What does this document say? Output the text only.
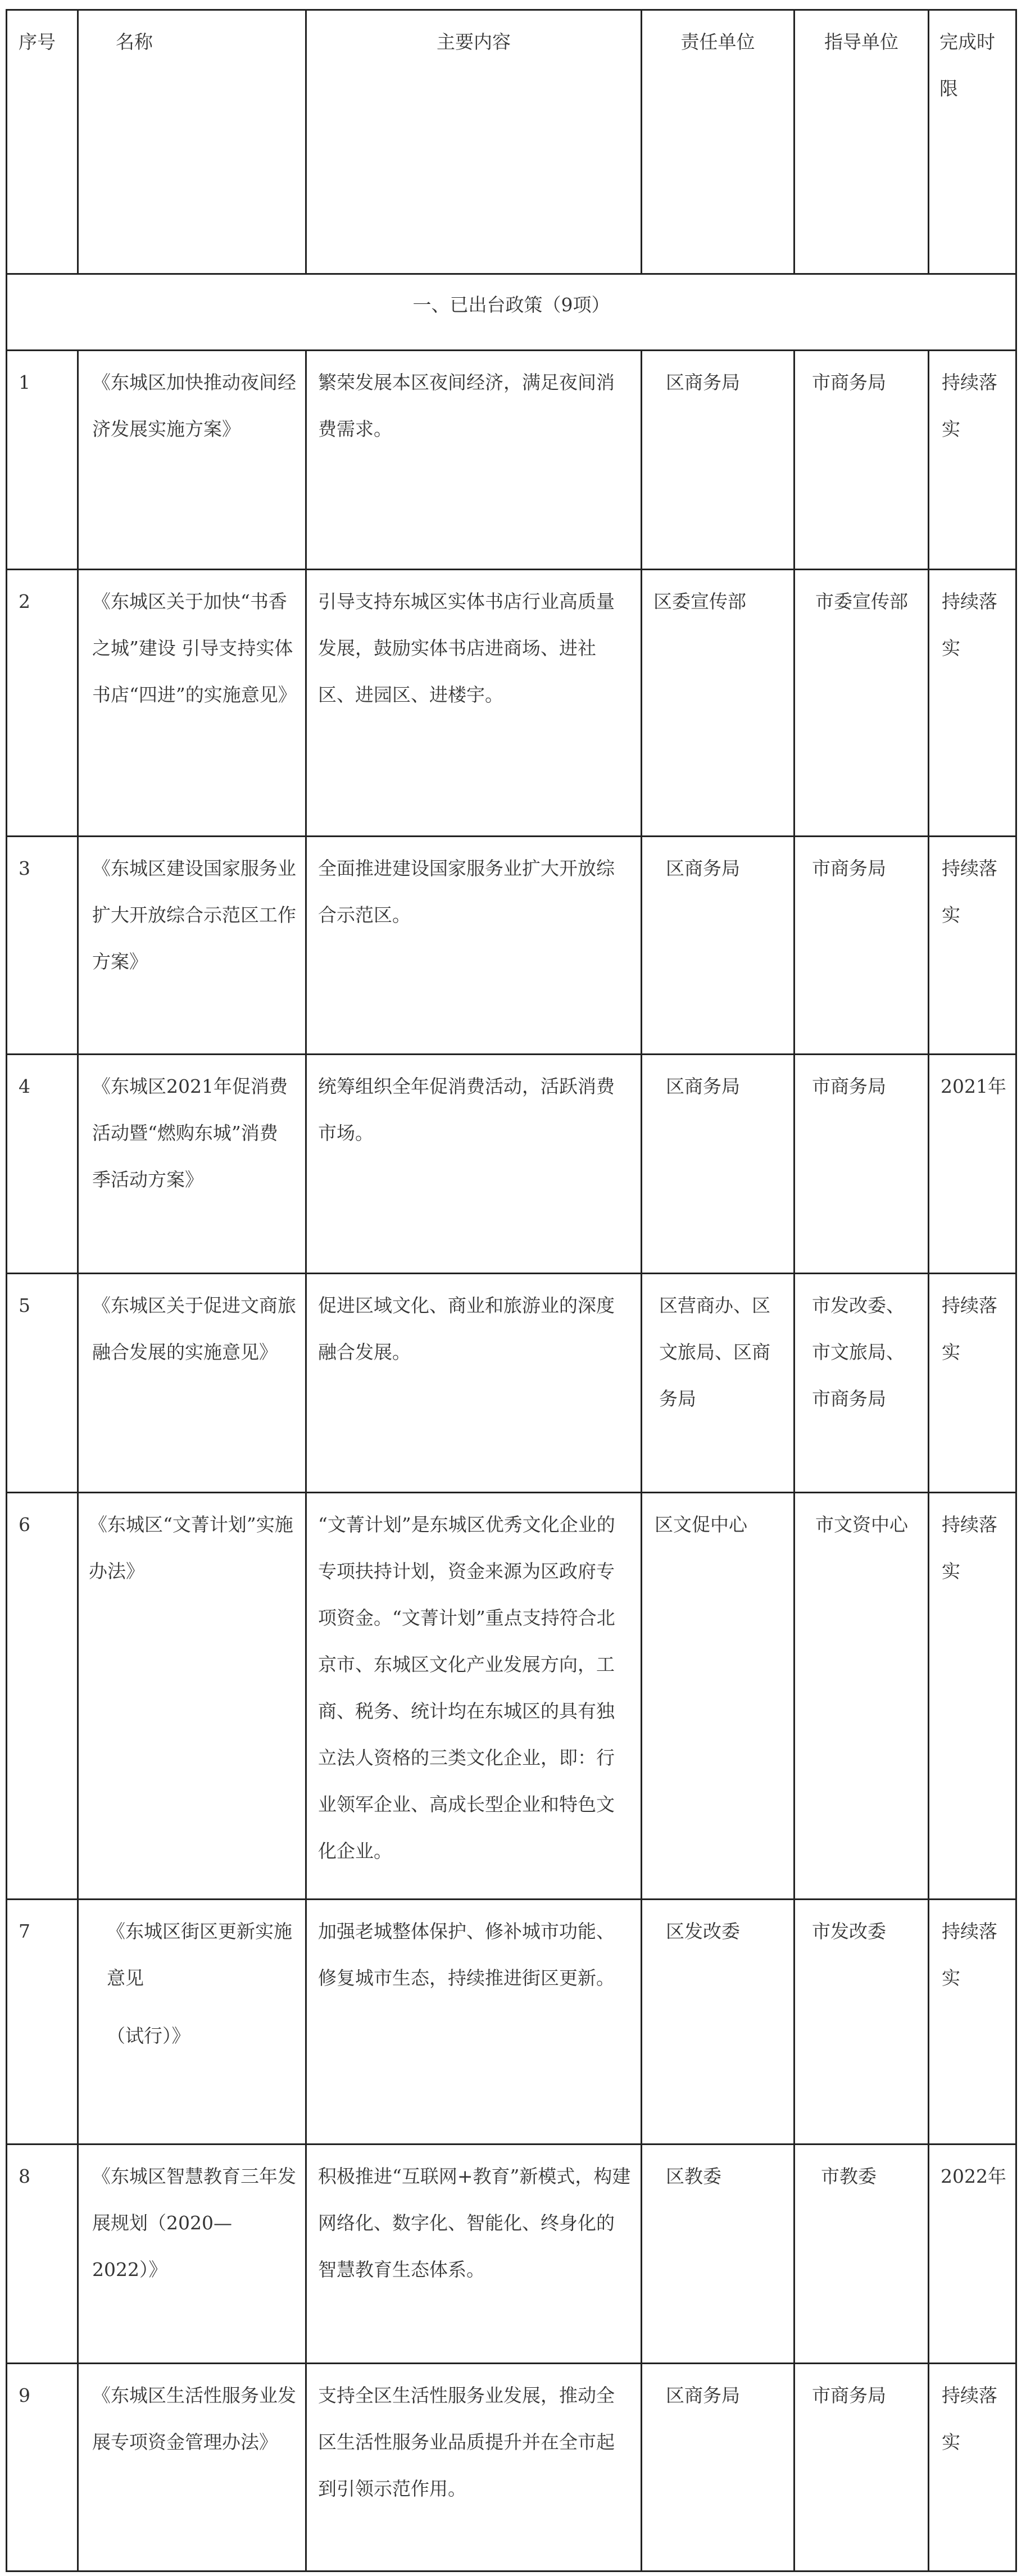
序号	名称	主要内容	责任单位	指导单位	完成时限
一、已出台政策（9项）					
1	《东城区加快推动夜间经济发展实施方案》	繁荣发展本区夜间经济，满足夜间消费需求。	区商务局	市商务局	持续落实
2	《东城区关于加快“书香之城”建设 引导支持实体书店“四进”的实施意见》	引导支持东城区实体书店行业高质量发展，鼓励实体书店进商场、进社区、进园区、进楼宇。	区委宣传部	市委宣传部	持续落实
3	《东城区建设国家服务业扩大开放综合示范区工作方案》	全面推进建设国家服务业扩大开放综合示范区。	区商务局	市商务局	持续落实
4	《东城区2021年促消费活动暨“燃购东城”消费季活动方案》	统筹组织全年促消费活动，活跃消费市场。	区商务局	市商务局	2021年
5	《东城区关于促进文商旅融合发展的实施意见》	促进区域文化、商业和旅游业的深度融合发展。	区营商办、区文旅局、区商务局	市发改委、市文旅局、市商务局	持续落实
6	《东城区“文菁计划”实施办法》	“文菁计划”是东城区优秀文化企业的专项扶持计划，资金来源为区政府专项资金。“文菁计划”重点支持符合北京市、东城区文化产业发展方向，工商、税务、统计均在东城区的具有独立法人资格的三类文化企业，即：行业领军企业、高成长型企业和特色文化企业。	区文促中心	市文资中心	持续落实
7	《东城区街区更新实施意见
（试行）》	加强老城整体保护、修补城市功能、修复城市生态，持续推进街区更新。	区发改委	市发改委	持续落实
8	《东城区智慧教育三年发展规划（2020—2022）》	积极推进“互联网+教育”新模式，构建网络化、数字化、智能化、终身化的智慧教育生态体系。	区教委	市教委	2022年
9	《东城区生活性服务业发展专项资金管理办法》	支持全区生活性服务业发展，推动全区生活性服务业品质提升并在全市起到引领示范作用。	区商务局	市商务局	持续落实
